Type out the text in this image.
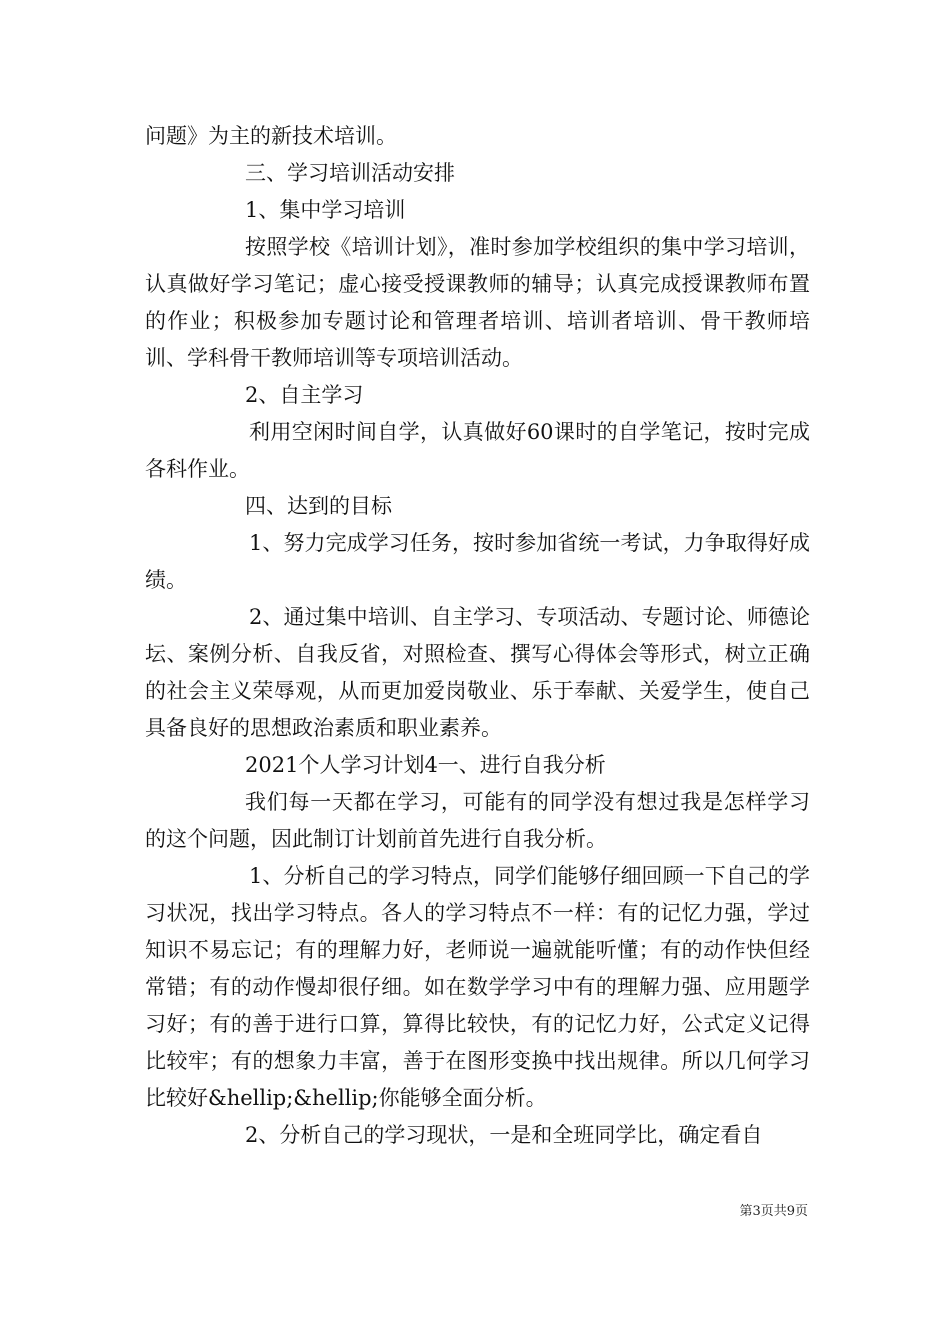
问题》为主的新技术培训。

三、学习培训活动安排

1、集中学习培训

按照学校《培训计划》，准时参加学校组织的集中学习培训，认真做好学习笔记；虚心接受授课教师的辅导；认真完成授课教师布置的作业；积极参加专题讨论和管理者培训、培训者培训、骨干教师培训、学科骨干教师培训等专项培训活动。

2、自主学习

利用空闲时间自学，认真做好60课时的自学笔记，按时完成各科作业。

四、达到的目标

1、努力完成学习任务，按时参加省统一考试，力争取得好成绩。

2、通过集中培训、自主学习、专项活动、专题讨论、师德论坛、案例分析、自我反省，对照检查、撰写心得体会等形式，树立正确的社会主义荣辱观，从而更加爱岗敬业、乐于奉献、关爱学生，使自己具备良好的思想政治素质和职业素养。

2021个人学习计划4一、进行自我分析

我们每一天都在学习，可能有的同学没有想过我是怎样学习的这个问题，因此制订计划前首先进行自我分析。

1、分析自己的学习特点，同学们能够仔细回顾一下自己的学习状况，找出学习特点。各人的学习特点不一样：有的记忆力强，学过知识不易忘记；有的理解力好，老师说一遍就能听懂；有的动作快但经常错；有的动作慢却很仔细。如在数学学习中有的理解力强、应用题学习好；有的善于进行口算，算得比较快，有的记忆力好，公式定义记得比较牢；有的想象力丰富，善于在图形变换中找出规律。所以几何学习比较好&hellip;&hellip;你能够全面分析。

2、分析自己的学习现状，一是和全班同学比，确定看自

第3页共9页
